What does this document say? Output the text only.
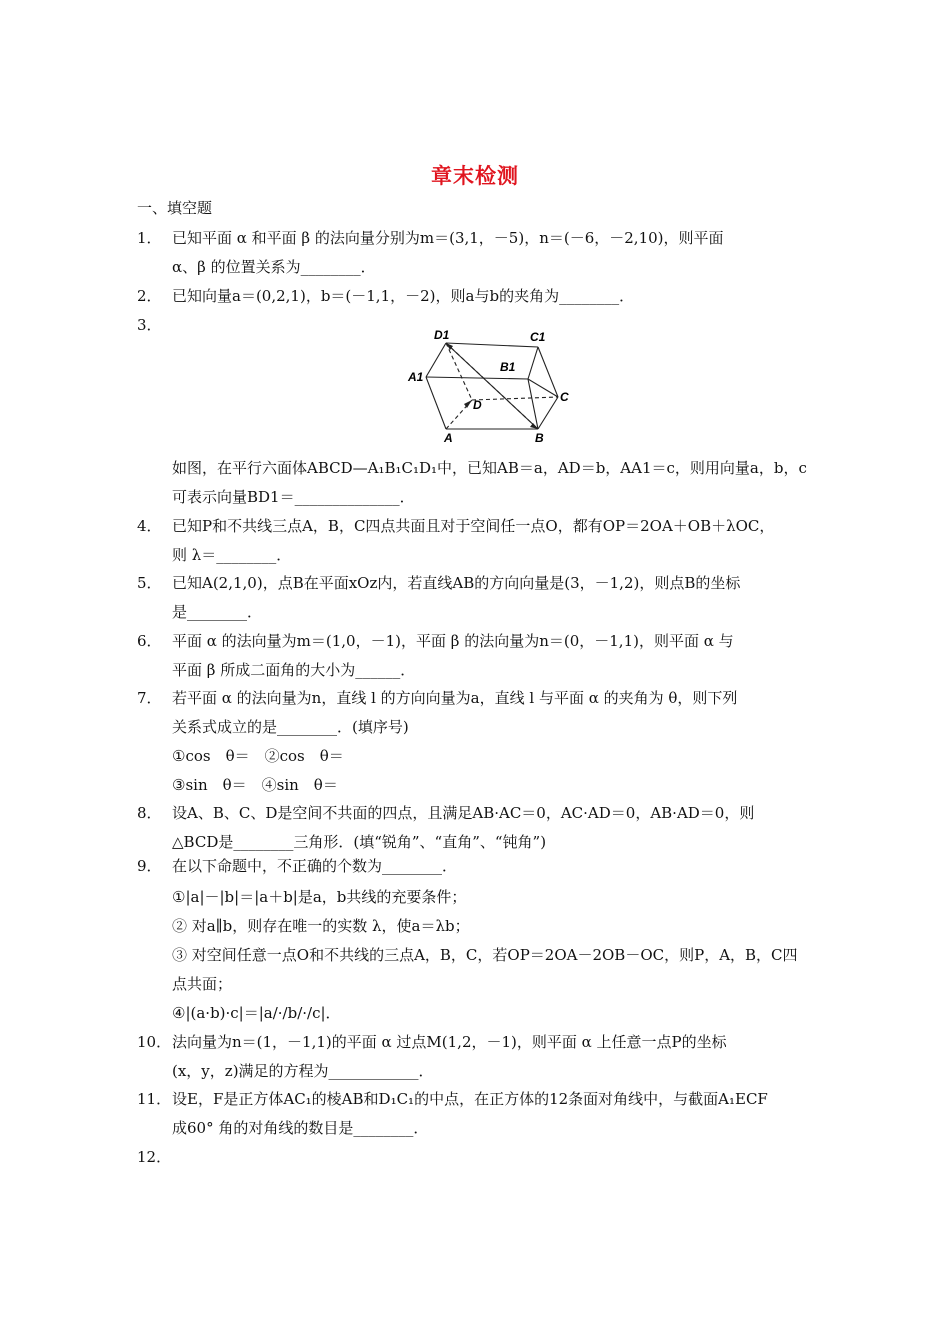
章末检测
一、填空题
1． 已知平面 α 和平面 β 的法向量分别为m＝(3,1，－5)，n＝(－6，－2,10)，则平面
α、β 的位置关系为________．
2． 已知向量a＝(0,2,1)，b＝(－1,1，－2)，则a与b的夹角为________．
3．
D1	C1
B1
A1
D
C
A	B
如图，在平行六面体ABCD—A₁B₁C₁D₁中，已知AB＝a，AD＝b，AA1＝c，则用向量a，b，c
可表示向量BD1＝______________．
4． 已知P和不共线三点A，B，C四点共面且对于空间任一点O，都有OP＝2OA＋OB＋λOC，
则 λ＝________．
5． 已知A(2,1,0)，点B在平面xOz内，若直线AB的方向向量是(3，－1,2)，则点B的坐标
是________．
6． 平面 α 的法向量为m＝(1,0，－1)，平面 β 的法向量为n＝(0，－1,1)，则平面 α 与
平面 β 所成二面角的大小为______．
7． 若平面 α 的法向量为n，直线 l 的方向向量为a，直线 l 与平面 α 的夹角为 θ，则下列
关系式成立的是________．(填序号)
①cos　θ＝　②cos　θ＝
③sin　θ＝　④sin　θ＝
8． 设A、B、C、D是空间不共面的四点，且满足AB·AC＝0，AC·AD＝0，AB·AD＝0，则
△BCD是________三角形．(填“锐角”、“直角”、“钝角”)
9． 在以下命题中，不正确的个数为________．
①|a|－|b|＝|a＋b|是a，b共线的充要条件；
② 对a∥b，则存在唯一的实数 λ，使a＝λb；
③ 对空间任意一点O和不共线的三点A，B，C，若OP＝2OA－2OB－OC，则P，A，B，C四
点共面；
④|(a·b)·c|＝|a/·/b/·/c|．
10． 法向量为n＝(1，－1,1)的平面 α 过点M(1,2，－1)，则平面 α 上任意一点P的坐标
(x，y，z)满足的方程为____________．
11． 设E，F是正方体AC₁的棱AB和D₁C₁的中点，在正方体的12条面对角线中，与截面A₁ECF
成60° 角的对角线的数目是________．
12．
